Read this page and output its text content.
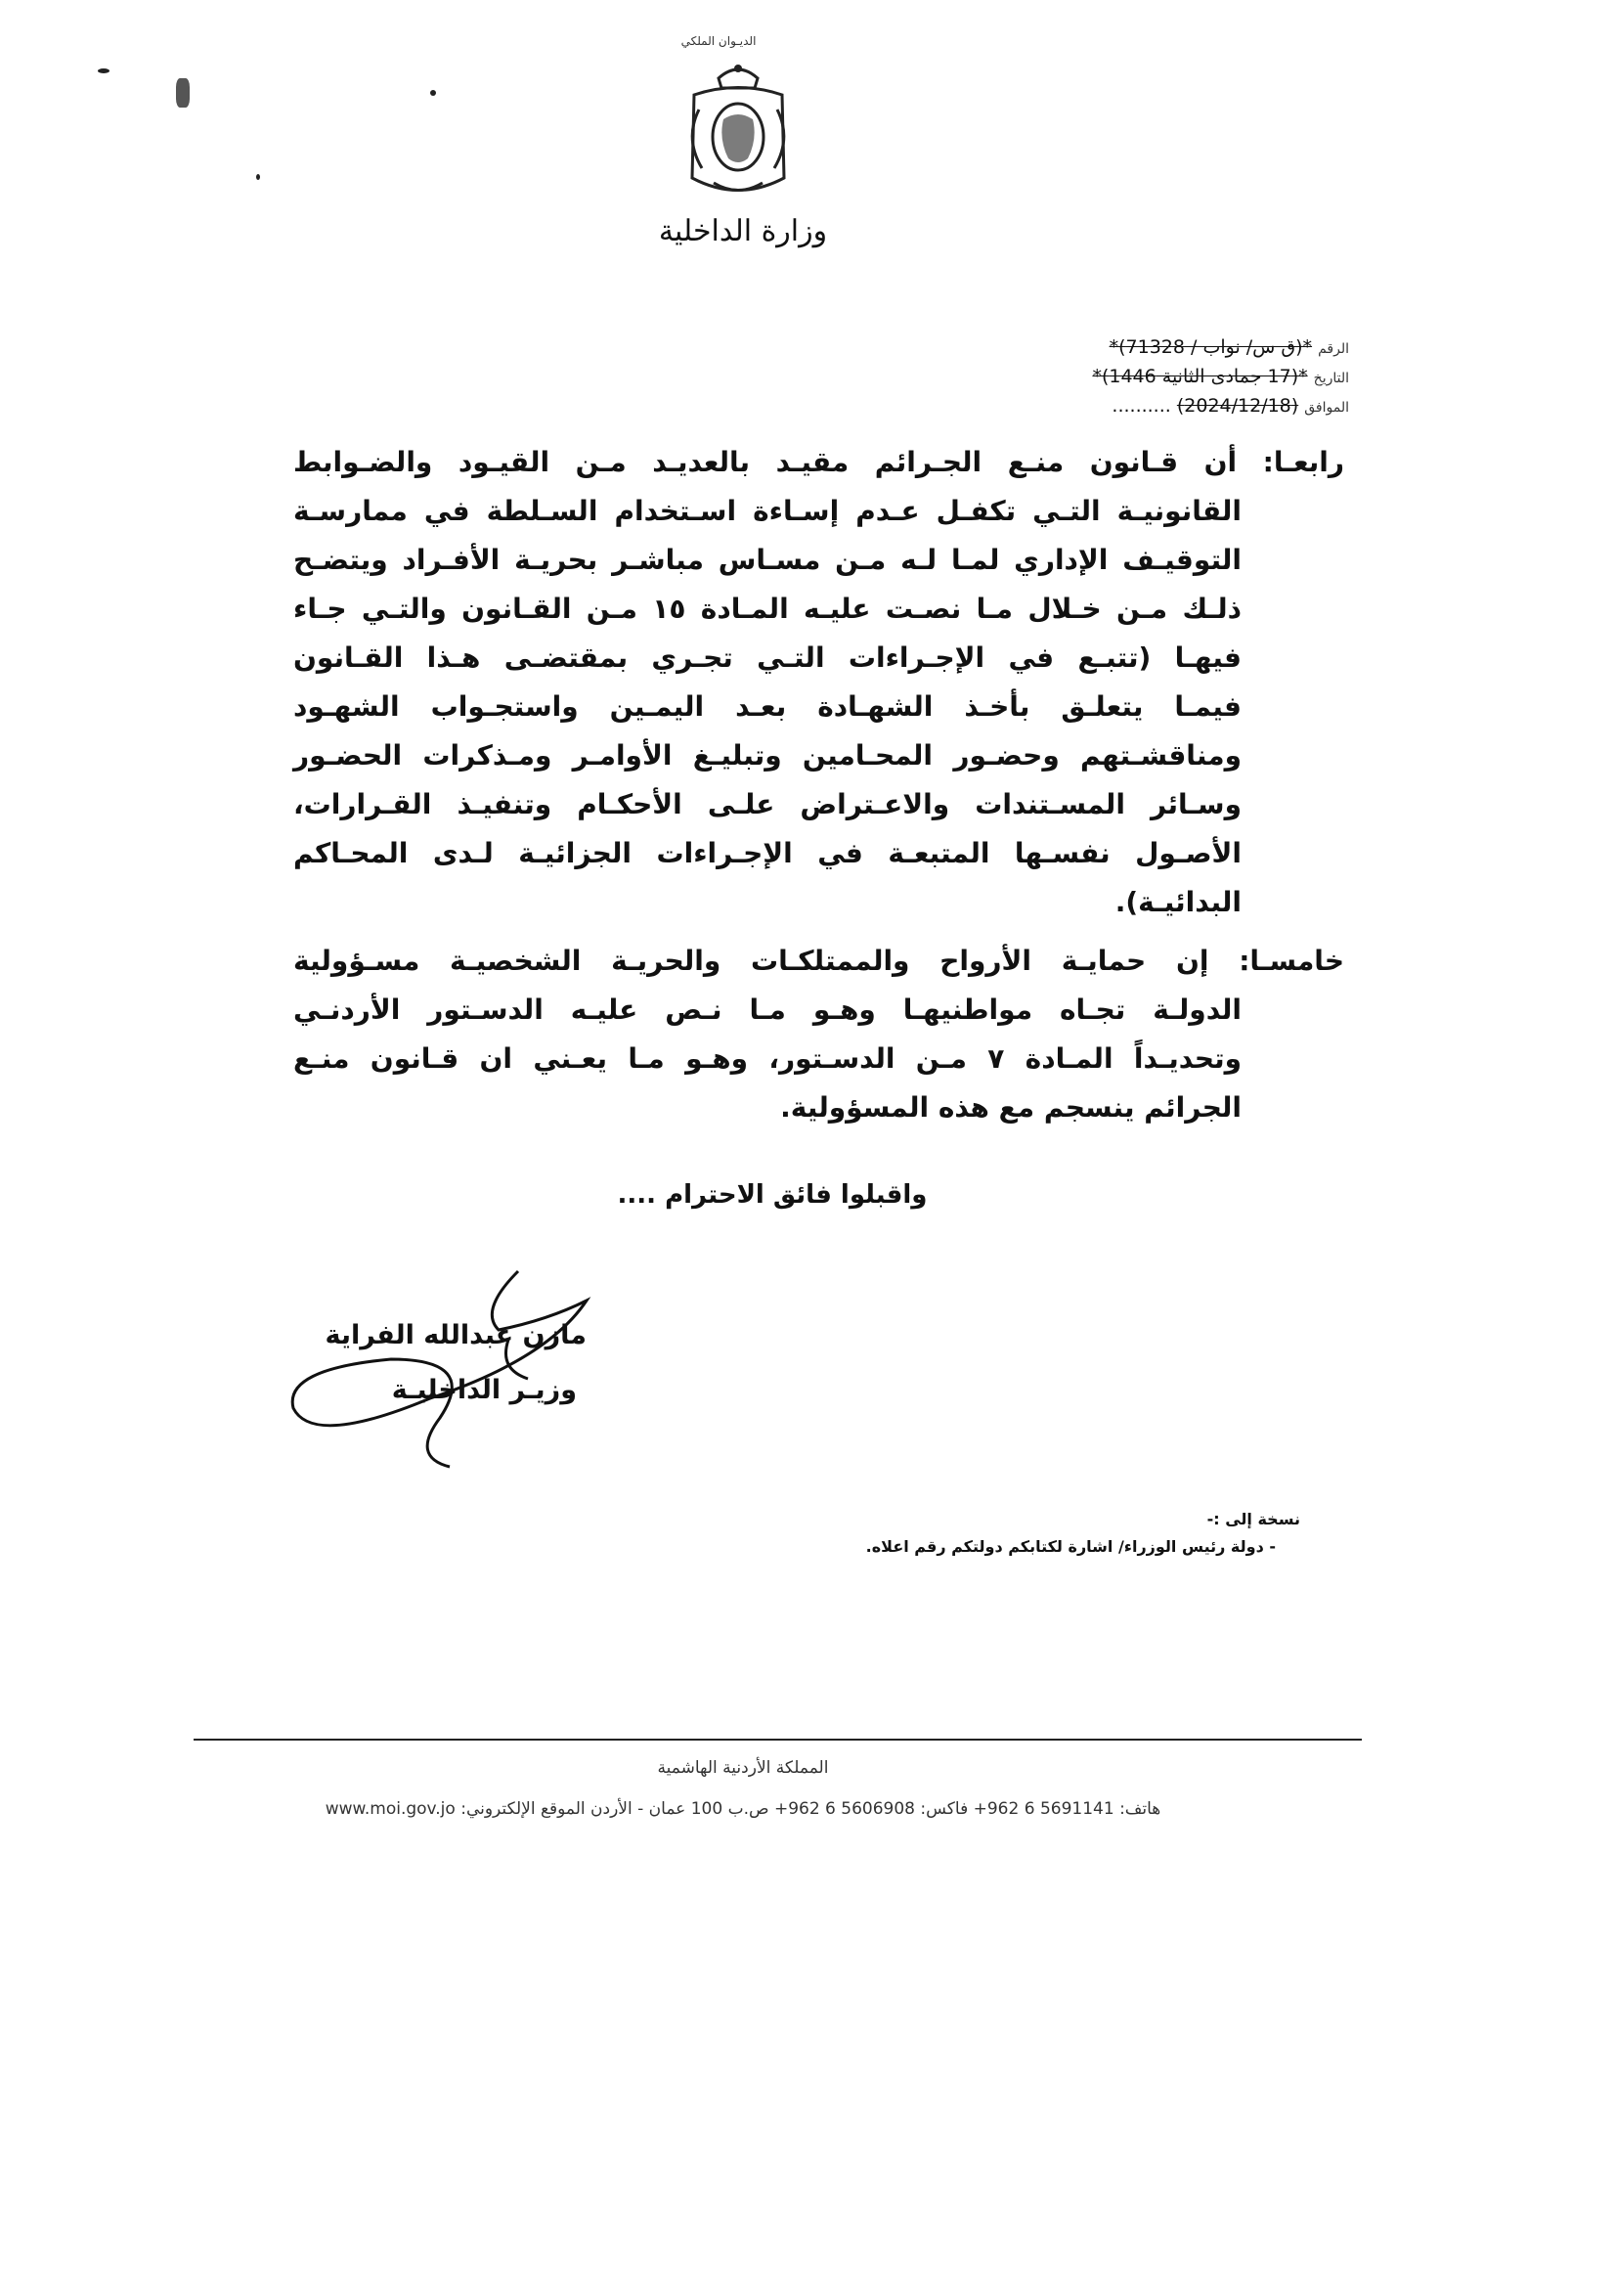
الديـوان الملكي
وزارة الداخلية
الرقم *(ق س/ نواب / 71328)*
التاريخ *(17 جمادى الثانية 1446)*
الموافق (2024/12/18) ..........
رابعـا: أن قـانون منـع الجـرائم مقيـد بالعديـد مـن القيـود والضـوابط
القانونيـة التـي تكفـل عـدم إسـاءة اسـتخدام السـلطة في ممارسـة
التوقيـف الإداري لمـا لـه مـن مسـاس مباشـر بحريـة الأفـراد ويتضـح
ذلـك مـن خـلال مـا نصـت عليـه المـادة ١٥ مـن القـانون والتـي جـاء
فيهـا (تتبـع في الإجـراءات التـي تجـري بمقتضـى هـذا القـانون
فيمـا يتعلـق بأخـذ الشهـادة بعـد اليمـين واستجـواب الشهـود
ومناقشـتهم وحضـور المحـامين وتبليـغ الأوامـر ومـذكرات الحضـور
وسـائر المسـتندات والاعـتراض علـى الأحكـام وتنفيـذ القـرارات،
الأصـول نفسـها المتبعـة في الإجـراءات الجزائيـة لـدى المحـاكم
البدائيـة).
خامسـا: إن حمايـة الأرواح والممتلكـات والحريـة الشخصيـة مسـؤولية
الدولـة تجـاه مواطنيهـا وهـو مـا نـص عليـه الدسـتور الأردنـي
وتحديـداً المـادة ٧ مـن الدسـتور، وهـو مـا يعـني ان قـانون منـع
الجرائم ينسجم مع هذه المسؤولية.
واقبلوا فائق الاحترام ....
مازن عبدالله الفراية
وزيـر الداخليـة
نسخة إلى :-
- دولة رئيس الوزراء/ اشارة لكتابكم دولتكم رقم اعلاه.
المملكة الأردنية الهاشمية
هاتف: 5691141 6 962+ فاكس: 5606908 6 962+ ص.ب 100 عمان - الأردن الموقع الإلكتروني: www.moi.gov.jo
